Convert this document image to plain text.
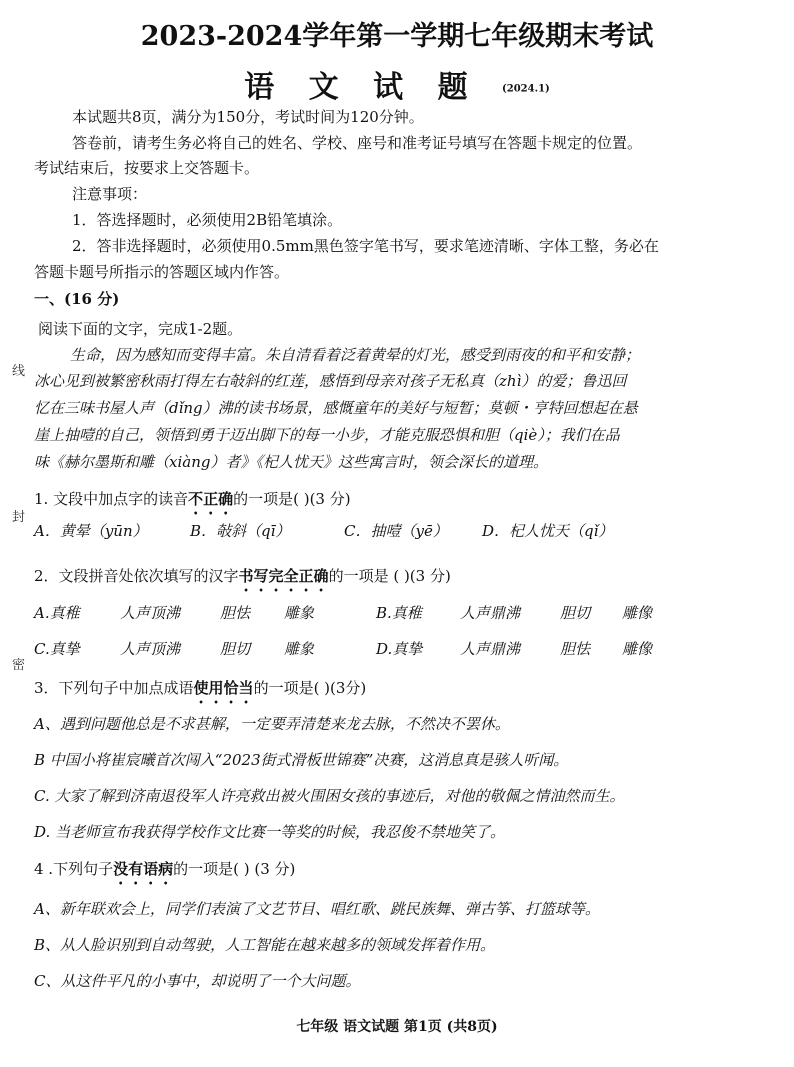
2023-2024学年第一学期七年级期末考试
语 文 试 题 (2024.1)
本试题共8页，满分为150分，考试时间为120分钟。
答卷前，请考生务必将自己的姓名、学校、座号和准考证号填写在答题卡规定的位置。
考试结束后，按要求上交答题卡。
注意事项：
1．答选择题时，必须使用2B铅笔填涂。
2．答非选择题时，必须使用0.5mm黑色签字笔书写，要求笔迹清晰、字体工整，务必在
答题卡题号所指示的答题区域内作答。
一、(16 分)
阅读下面的文字，完成1-2题。
生命，因为感知而变得丰富。朱自清看着泛着黄晕的灯光，感受到雨夜的和平和安静；
冰心见到被繁密秋雨打得左右敧斜的红莲，感悟到母亲对孩子无私真（zhì）的爱；鲁迅回
忆在三味书屋人声（dǐng）沸的读书场景，感慨童年的美好与短暂；莫顿・亨特回想起在悬
崖上抽噎的自己，领悟到勇于迈出脚下的每一小步，才能克服恐惧和胆（qiè）；我们在品
味《赫尔墨斯和雕（xiàng）者》《杞人忧天》这些寓言时，领会深长的道理。
1. 文段中加点字的读音不正确的一项是( )(3 分)
A．黄晕（yūn）	B．敧斜（qī）	C．抽噎（yē） D．杞人忧天（qǐ）
2．文段拼音处依次填写的汉字书写完全正确的一项是 ( )(3 分)
A.真稚	人声顶沸	胆怯 雕象	B.真稚	人声鼎沸	胆切 雕像
C.真挚	人声顶沸	胆切 雕象	D.真挚	人声鼎沸	胆怯 雕像
3．下列句子中加点成语使用恰当的一项是( )(3分)
A、遇到问题他总是不求甚解，一定要弄清楚来龙去脉，不然决不罢休。
B 中国小将崔宸曦首次闯入“2023街式滑板世锦赛”决赛，这消息真是骇人听闻。
C. 大家了解到济南退役军人许亮救出被火围困女孩的事迹后，对他的敬佩之情油然而生。
D. 当老师宣布我获得学校作文比赛一等奖的时候，我忍俊不禁地笑了。
4 .下列句子没有语病的一项是( ) (3 分)
A、新年联欢会上，同学们表演了文艺节目、唱红歌、跳民族舞、弹古筝、打篮球等。
B、从人脸识别到自动驾驶，人工智能在越来越多的领域发挥着作用。
C、从这件平凡的小事中，却说明了一个大问题。
线
封
密
七年级 语文试题 第1页 (共8页)
